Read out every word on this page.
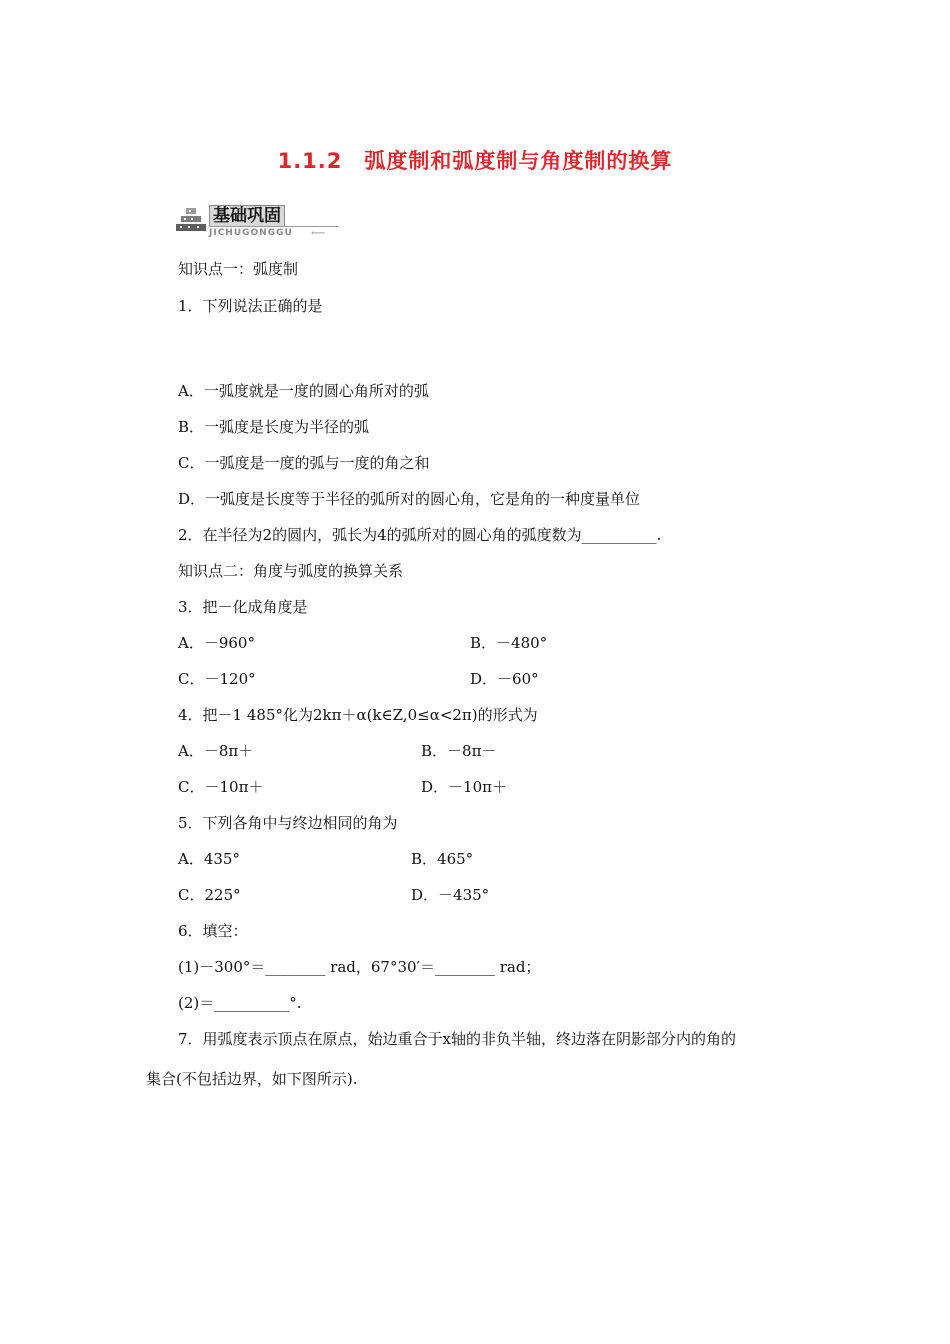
1.1.2　弧度制和弧度制与角度制的换算
基础巩固
JICHUGONGGU ⟵
知识点一：弧度制
1．下列说法正确的是
A．一弧度就是一度的圆心角所对的弧
B．一弧度是长度为半径的弧
C．一弧度是一度的弧与一度的角之和
D．一弧度是长度等于半径的弧所对的圆心角，它是角的一种度量单位
2．在半径为2的圆内，弧长为4的弧所对的圆心角的弧度数为__________.
知识点二：角度与弧度的换算关系
3．把－化成角度是
A．－960°	B．－480°
C．－120°	D．－60°
4．把－1 485°化为2kπ＋α(k∈Z,0≤α<2π)的形式为
A．－8π＋	B．－8π－
C．－10π＋	D．－10π＋
5．下列各角中与终边相同的角为
A．435°	B．465°
C．225°	D．－435°
6．填空：
(1)－300°＝________ rad，67°30′＝________ rad；
(2)＝__________°.
7．用弧度表示顶点在原点，始边重合于x轴的非负半轴，终边落在阴影部分内的角的
集合(不包括边界，如下图所示).
